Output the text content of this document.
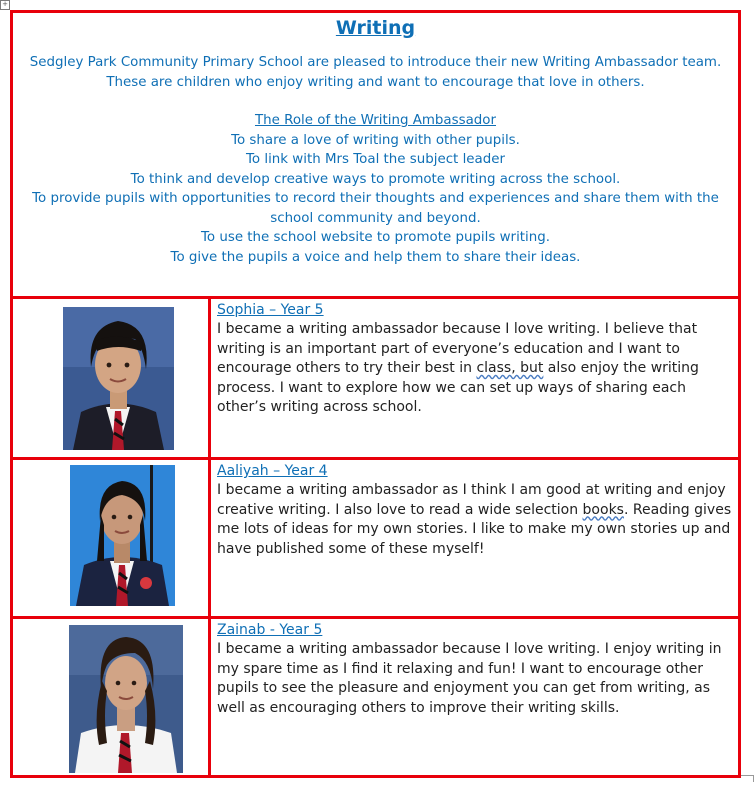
+
Writing
Sedgley Park Community Primary School are pleased to introduce their new Writing Ambassador team. These are children who enjoy writing and want to encourage that love in others.
The Role of the Writing Ambassador
To share a love of writing with other pupils.
To link with Mrs Toal the subject leader
To think and develop creative ways to promote writing across the school.
To provide pupils with opportunities to record their thoughts and experiences and share them with the school community and beyond.
To use the school website to promote pupils writing.
To give the pupils a voice and help them to share their ideas.
Sophia – Year 5

I became a writing ambassador because I love writing. I believe that writing is an important part of everyone’s education and I want to encourage others to try their best in class, but also enjoy the writing process. I want to explore how we can set up ways of sharing each other’s writing across school.

Aaliyah – Year 4

I became a writing ambassador as I think I am good at writing and enjoy creative writing. I also love to read a wide selection books. Reading gives me lots of ideas for my own stories. I like to make my own stories up and have published some of these myself!

Zainab - Year 5

I became a writing ambassador because I love writing. I enjoy writing in my spare time as I find it relaxing and fun! I want to encourage other pupils to see the pleasure and enjoyment you can get from writing, as well as encouraging others to improve their writing skills.
